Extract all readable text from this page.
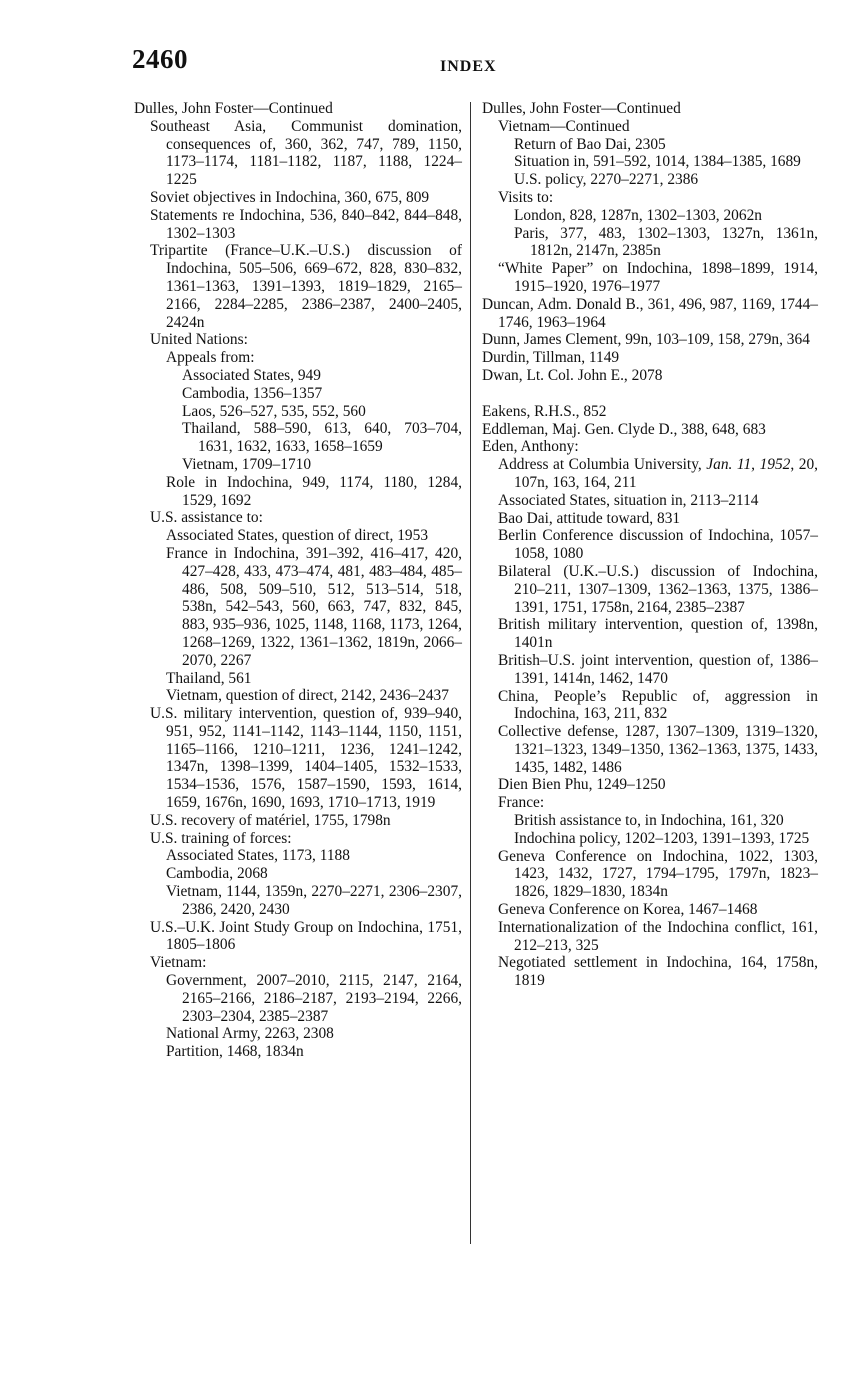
2460	INDEX

Dulles, John Foster—Continued

Southeast Asia, Communist domination, consequences of, 360, 362, 747, 789, 1150, 1173–1174, 1181–1182, 1187, 1188, 1224–1225

Soviet objectives in Indochina, 360, 675, 809

Statements re Indochina, 536, 840–842, 844–848, 1302–1303

Tripartite (France–U.K.–U.S.) discussion of Indochina, 505–506, 669–672, 828, 830–832, 1361–1363, 1391–1393, 1819–1829, 2165–2166, 2284–2285, 2386–2387, 2400–2405, 2424n

United Nations:

Appeals from:

Associated States, 949

Cambodia, 1356–1357

Laos, 526–527, 535, 552, 560

Thailand, 588–590, 613, 640, 703–704, 1631, 1632, 1633, 1658–1659

Vietnam, 1709–1710

Role in Indochina, 949, 1174, 1180, 1284, 1529, 1692

U.S. assistance to:

Associated States, question of direct, 1953

France in Indochina, 391–392, 416–417, 420, 427–428, 433, 473–474, 481, 483–484, 485–486, 508, 509–510, 512, 513–514, 518, 538n, 542–543, 560, 663, 747, 832, 845, 883, 935–936, 1025, 1148, 1168, 1173, 1264, 1268–1269, 1322, 1361–1362, 1819n, 2066–2070, 2267

Thailand, 561

Vietnam, question of direct, 2142, 2436–2437

U.S. military intervention, question of, 939–940, 951, 952, 1141–1142, 1143–1144, 1150, 1151, 1165–1166, 1210–1211, 1236, 1241–1242, 1347n, 1398–1399, 1404–1405, 1532–1533, 1534–1536, 1576, 1587–1590, 1593, 1614, 1659, 1676n, 1690, 1693, 1710–1713, 1919

U.S. recovery of matériel, 1755, 1798n

U.S. training of forces:

Associated States, 1173, 1188

Cambodia, 2068

Vietnam, 1144, 1359n, 2270–2271, 2306–2307, 2386, 2420, 2430

U.S.–U.K. Joint Study Group on Indochina, 1751, 1805–1806

Vietnam:

Government, 2007–2010, 2115, 2147, 2164, 2165–2166, 2186–2187, 2193–2194, 2266, 2303–2304, 2385–2387

National Army, 2263, 2308

Partition, 1468, 1834n

Dulles, John Foster—Continued

Vietnam—Continued

Return of Bao Dai, 2305

Situation in, 591–592, 1014, 1384–1385, 1689

U.S. policy, 2270–2271, 2386

Visits to:

London, 828, 1287n, 1302–1303, 2062n

Paris, 377, 483, 1302–1303, 1327n, 1361n, 1812n, 2147n, 2385n

“White Paper” on Indochina, 1898–1899, 1914, 1915–1920, 1976–1977

Duncan, Adm. Donald B., 361, 496, 987, 1169, 1744–1746, 1963–1964

Dunn, James Clement, 99n, 103–109, 158, 279n, 364

Durdin, Tillman, 1149

Dwan, Lt. Col. John E., 2078

Eakens, R.H.S., 852

Eddleman, Maj. Gen. Clyde D., 388, 648, 683

Eden, Anthony:

Address at Columbia University, Jan. 11, 1952, 20, 107n, 163, 164, 211

Associated States, situation in, 2113–2114

Bao Dai, attitude toward, 831

Berlin Conference discussion of Indochina, 1057–1058, 1080

Bilateral (U.K.–U.S.) discussion of Indochina, 210–211, 1307–1309, 1362–1363, 1375, 1386–1391, 1751, 1758n, 2164, 2385–2387

British military intervention, question of, 1398n, 1401n

British–U.S. joint intervention, question of, 1386–1391, 1414n, 1462, 1470

China, People’s Republic of, aggression in Indochina, 163, 211, 832

Collective defense, 1287, 1307–1309, 1319–1320, 1321–1323, 1349–1350, 1362–1363, 1375, 1433, 1435, 1482, 1486

Dien Bien Phu, 1249–1250

France:

British assistance to, in Indochina, 161, 320

Indochina policy, 1202–1203, 1391–1393, 1725

Geneva Conference on Indochina, 1022, 1303, 1423, 1432, 1727, 1794–1795, 1797n, 1823–1826, 1829–1830, 1834n

Geneva Conference on Korea, 1467–1468

Internationalization of the Indochina conflict, 161, 212–213, 325

Negotiated settlement in Indochina, 164, 1758n, 1819
